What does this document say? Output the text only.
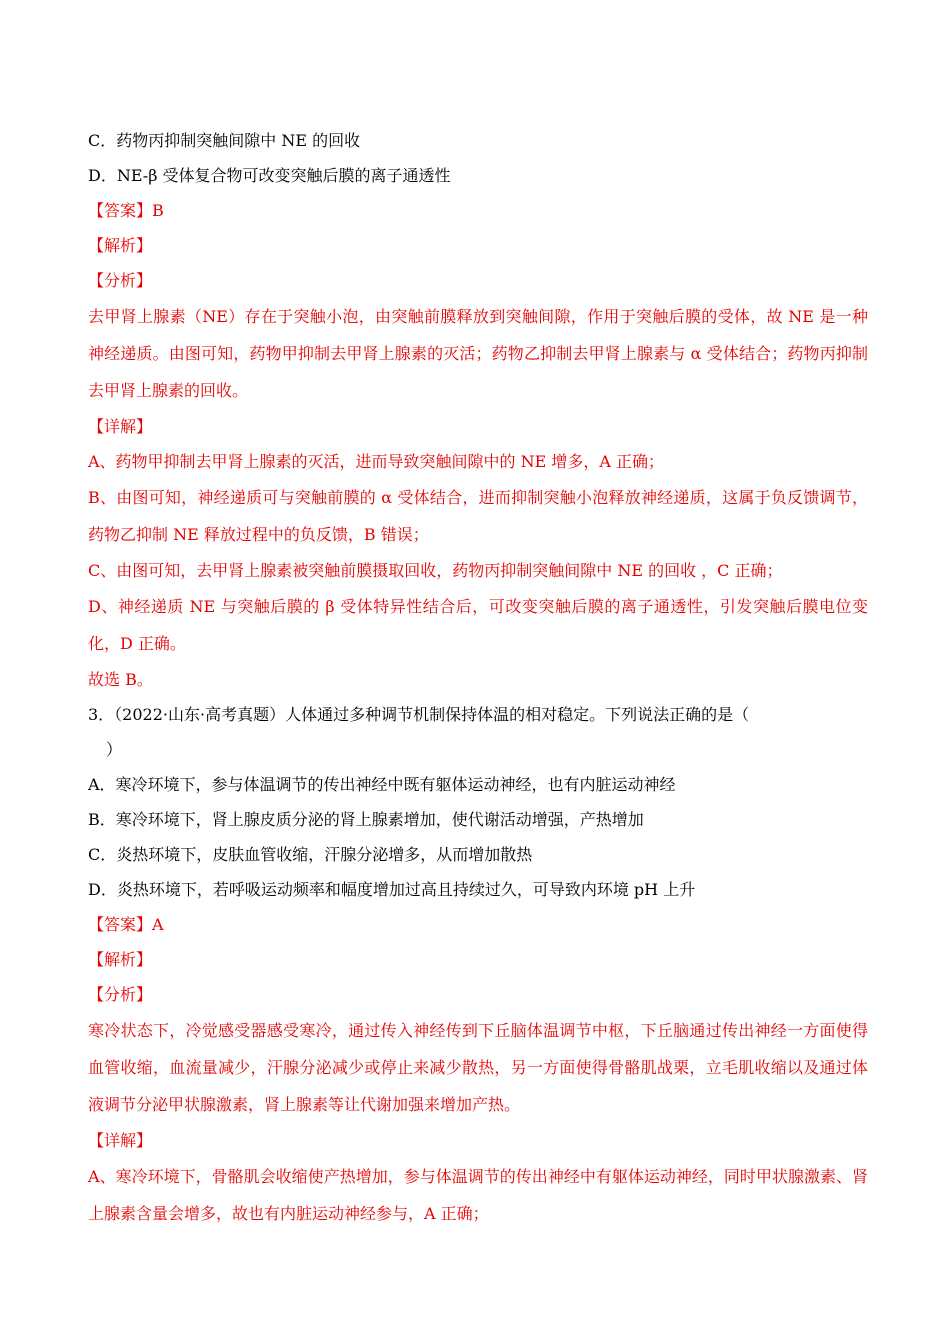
C．药物丙抑制突触间隙中 NE 的回收
D．NE-β 受体复合物可改变突触后膜的离子通透性
【答案】B
【解析】
【分析】
去甲肾上腺素（NE）存在于突触小泡，由突触前膜释放到突触间隙，作用于突触后膜的受体，故 NE 是一种神经递质。由图可知，药物甲抑制去甲肾上腺素的灭活；药物乙抑制去甲肾上腺素与 α 受体结合；药物丙抑制去甲肾上腺素的回收。
【详解】
A、药物甲抑制去甲肾上腺素的灭活，进而导致突触间隙中的 NE 增多，A 正确；
B、由图可知，神经递质可与突触前膜的 α 受体结合，进而抑制突触小泡释放神经递质，这属于负反馈调节，药物乙抑制 NE 释放过程中的负反馈，B 错误；
C、由图可知，去甲肾上腺素被突触前膜摄取回收，药物丙抑制突触间隙中 NE 的回收 ，C 正确；
D、神经递质 NE 与突触后膜的 β 受体特异性结合后，可改变突触后膜的离子通透性，引发突触后膜电位变化，D 正确。
故选 B。
3．（2022·山东·高考真题）人体通过多种调节机制保持体温的相对稳定。下列说法正确的是（
）
A．寒冷环境下，参与体温调节的传出神经中既有躯体运动神经，也有内脏运动神经
B．寒冷环境下，肾上腺皮质分泌的肾上腺素增加，使代谢活动增强，产热增加
C．炎热环境下，皮肤血管收缩，汗腺分泌增多，从而增加散热
D．炎热环境下，若呼吸运动频率和幅度增加过高且持续过久，可导致内环境 pH 上升
【答案】A
【解析】
【分析】
寒冷状态下，冷觉感受器感受寒冷，通过传入神经传到下丘脑体温调节中枢，下丘脑通过传出神经一方面使得血管收缩，血流量减少，汗腺分泌减少或停止来减少散热，另一方面使得骨骼肌战栗，立毛肌收缩以及通过体液调节分泌甲状腺激素，肾上腺素等让代谢加强来增加产热。
【详解】
A、寒冷环境下，骨骼肌会收缩使产热增加，参与体温调节的传出神经中有躯体运动神经，同时甲状腺激素、肾上腺素含量会增多，故也有内脏运动神经参与，A 正确；
